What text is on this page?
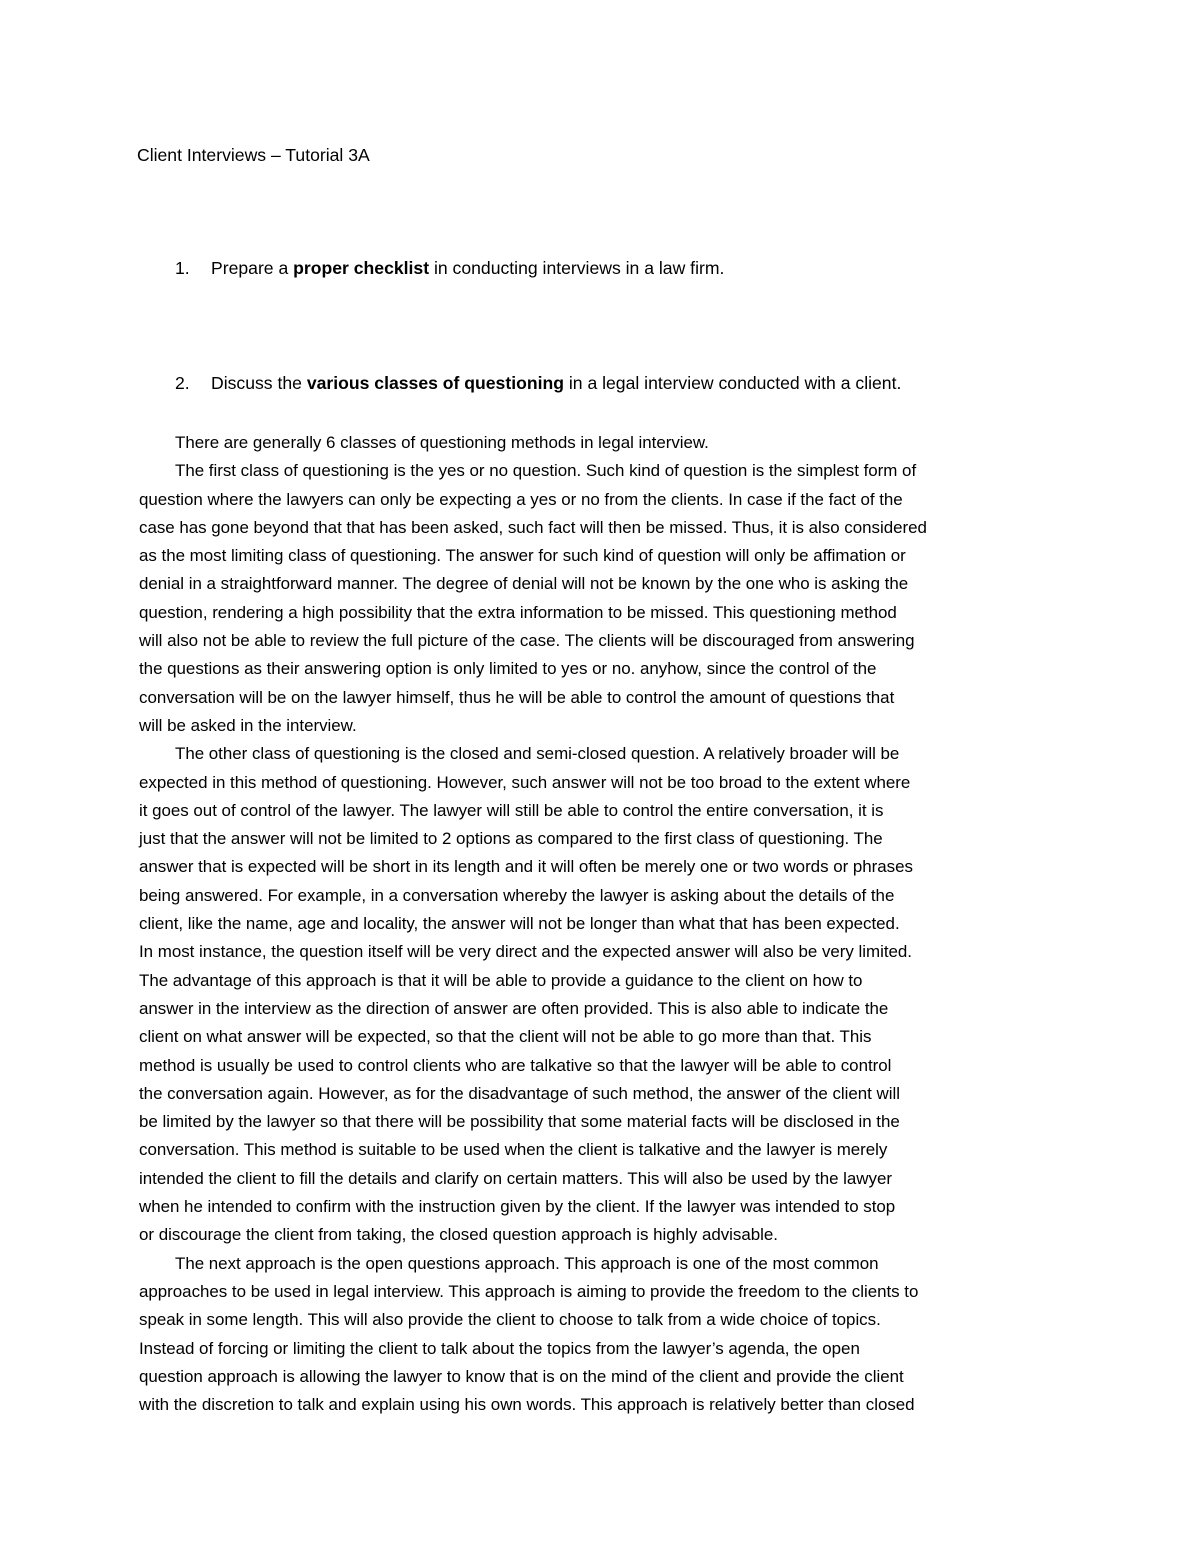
Client Interviews – Tutorial 3A
1. Prepare a proper checklist in conducting interviews in a law firm.
2. Discuss the various classes of questioning in a legal interview conducted with a client.

There are generally 6 classes of questioning methods in legal interview.

The first class of questioning is the yes or no question. Such kind of question is the simplest form of
question where the lawyers can only be expecting a yes or no from the clients. In case if the fact of the
case has gone beyond that that has been asked, such fact will then be missed. Thus, it is also considered
as the most limiting class of questioning. The answer for such kind of question will only be affimation or
denial in a straightforward manner. The degree of denial will not be known by the one who is asking the
question, rendering a high possibility that the extra information to be missed. This questioning method
will also not be able to review the full picture of the case. The clients will be discouraged from answering
the questions as their answering option is only limited to yes or no. anyhow, since the control of the
conversation will be on the lawyer himself, thus he will be able to control the amount of questions that
will be asked in the interview.

The other class of questioning is the closed and semi-closed question. A relatively broader will be
expected in this method of questioning. However, such answer will not be too broad to the extent where
it goes out of control of the lawyer. The lawyer will still be able to control the entire conversation, it is
just that the answer will not be limited to 2 options as compared to the first class of questioning. The
answer that is expected will be short in its length and it will often be merely one or two words or phrases
being answered. For example, in a conversation whereby the lawyer is asking about the details of the
client, like the name, age and locality, the answer will not be longer than what that has been expected.
In most instance, the question itself will be very direct and the expected answer will also be very limited.
The advantage of this approach is that it will be able to provide a guidance to the client on how to
answer in the interview as the direction of answer are often provided. This is also able to indicate the
client on what answer will be expected, so that the client will not be able to go more than that. This
method is usually be used to control clients who are talkative so that the lawyer will be able to control
the conversation again. However, as for the disadvantage of such method, the answer of the client will
be limited by the lawyer so that there will be possibility that some material facts will be disclosed in the
conversation. This method is suitable to be used when the client is talkative and the lawyer is merely
intended the client to fill the details and clarify on certain matters. This will also be used by the lawyer
when he intended to confirm with the instruction given by the client. If the lawyer was intended to stop
or discourage the client from taking, the closed question approach is highly advisable.

The next approach is the open questions approach. This approach is one of the most common
approaches to be used in legal interview. This approach is aiming to provide the freedom to the clients to
speak in some length. This will also provide the client to choose to talk from a wide choice of topics.
Instead of forcing or limiting the client to talk about the topics from the lawyer’s agenda, the open
question approach is allowing the lawyer to know that is on the mind of the client and provide the client
with the discretion to talk and explain using his own words. This approach is relatively better than closed
